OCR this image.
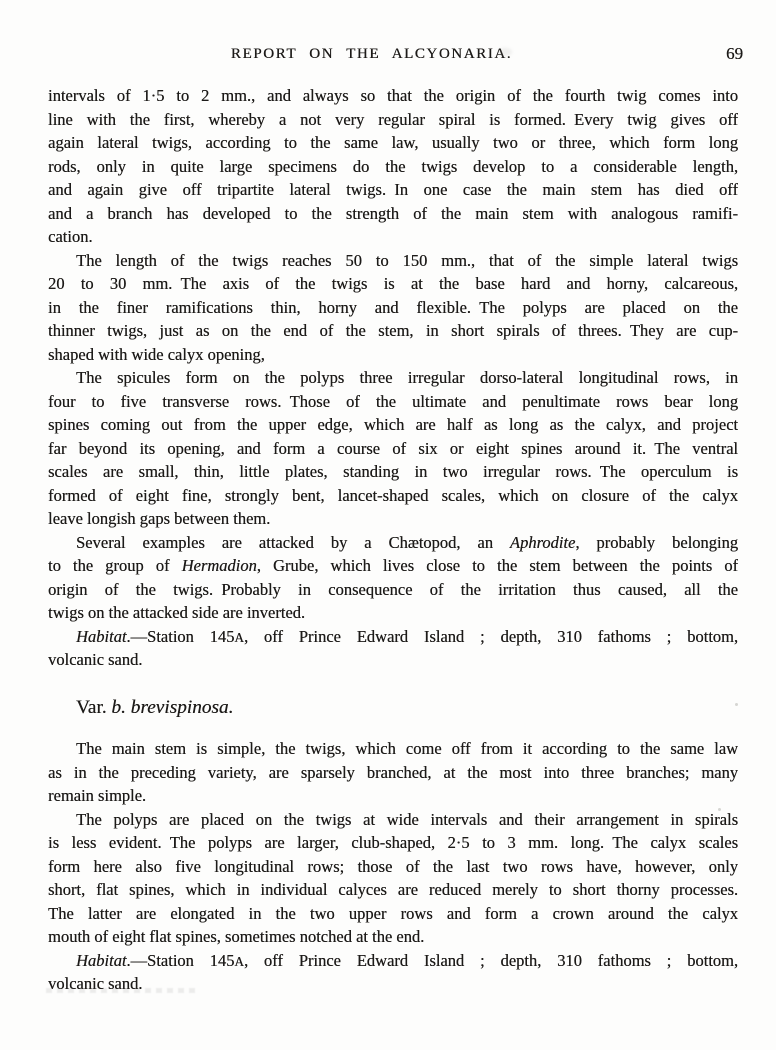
REPORT ON THE ALCYONARIA.	69

intervals of 1·5 to 2 mm., and always so that the origin of the fourth twig comes into
line with the first, whereby a not very regular spiral is formed. Every twig gives off
again lateral twigs, according to the same law, usually two or three, which form long
rods, only in quite large specimens do the twigs develop to a considerable length,
and again give off tripartite lateral twigs. In one case the main stem has died off
and a branch has developed to the strength of the main stem with analogous ramifi-
cation.

The length of the twigs reaches 50 to 150 mm., that of the simple lateral twigs
20 to 30 mm. The axis of the twigs is at the base hard and horny, calcareous,
in the finer ramifications thin, horny and flexible. The polyps are placed on the
thinner twigs, just as on the end of the stem, in short spirals of threes. They are cup-
shaped with wide calyx opening,

The spicules form on the polyps three irregular dorso-lateral longitudinal rows, in
four to five transverse rows. Those of the ultimate and penultimate rows bear long
spines coming out from the upper edge, which are half as long as the calyx, and project
far beyond its opening, and form a course of six or eight spines around it. The ventral
scales are small, thin, little plates, standing in two irregular rows. The operculum is
formed of eight fine, strongly bent, lancet-shaped scales, which on closure of the calyx
leave longish gaps between them.

Several examples are attacked by a Chætopod, an Aphrodite, probably belonging
to the group of Hermadion, Grube, which lives close to the stem between the points of
origin of the twigs. Probably in consequence of the irritation thus caused, all the
twigs on the attacked side are inverted.

Habitat.—Station 145A, off Prince Edward Island ; depth, 310 fathoms ; bottom,
volcanic sand.

Var. b. brevispinosa.

The main stem is simple, the twigs, which come off from it according to the same law
as in the preceding variety, are sparsely branched, at the most into three branches; many
remain simple.

The polyps are placed on the twigs at wide intervals and their arrangement in spirals
is less evident. The polyps are larger, club-shaped, 2·5 to 3 mm. long. The calyx scales
form here also five longitudinal rows; those of the last two rows have, however, only
short, flat spines, which in individual calyces are reduced merely to short thorny processes.
The latter are elongated in the two upper rows and form a crown around the calyx
mouth of eight flat spines, sometimes notched at the end.

Habitat.—Station 145A, off Prince Edward Island ; depth, 310 fathoms ; bottom,
volcanic sand.
